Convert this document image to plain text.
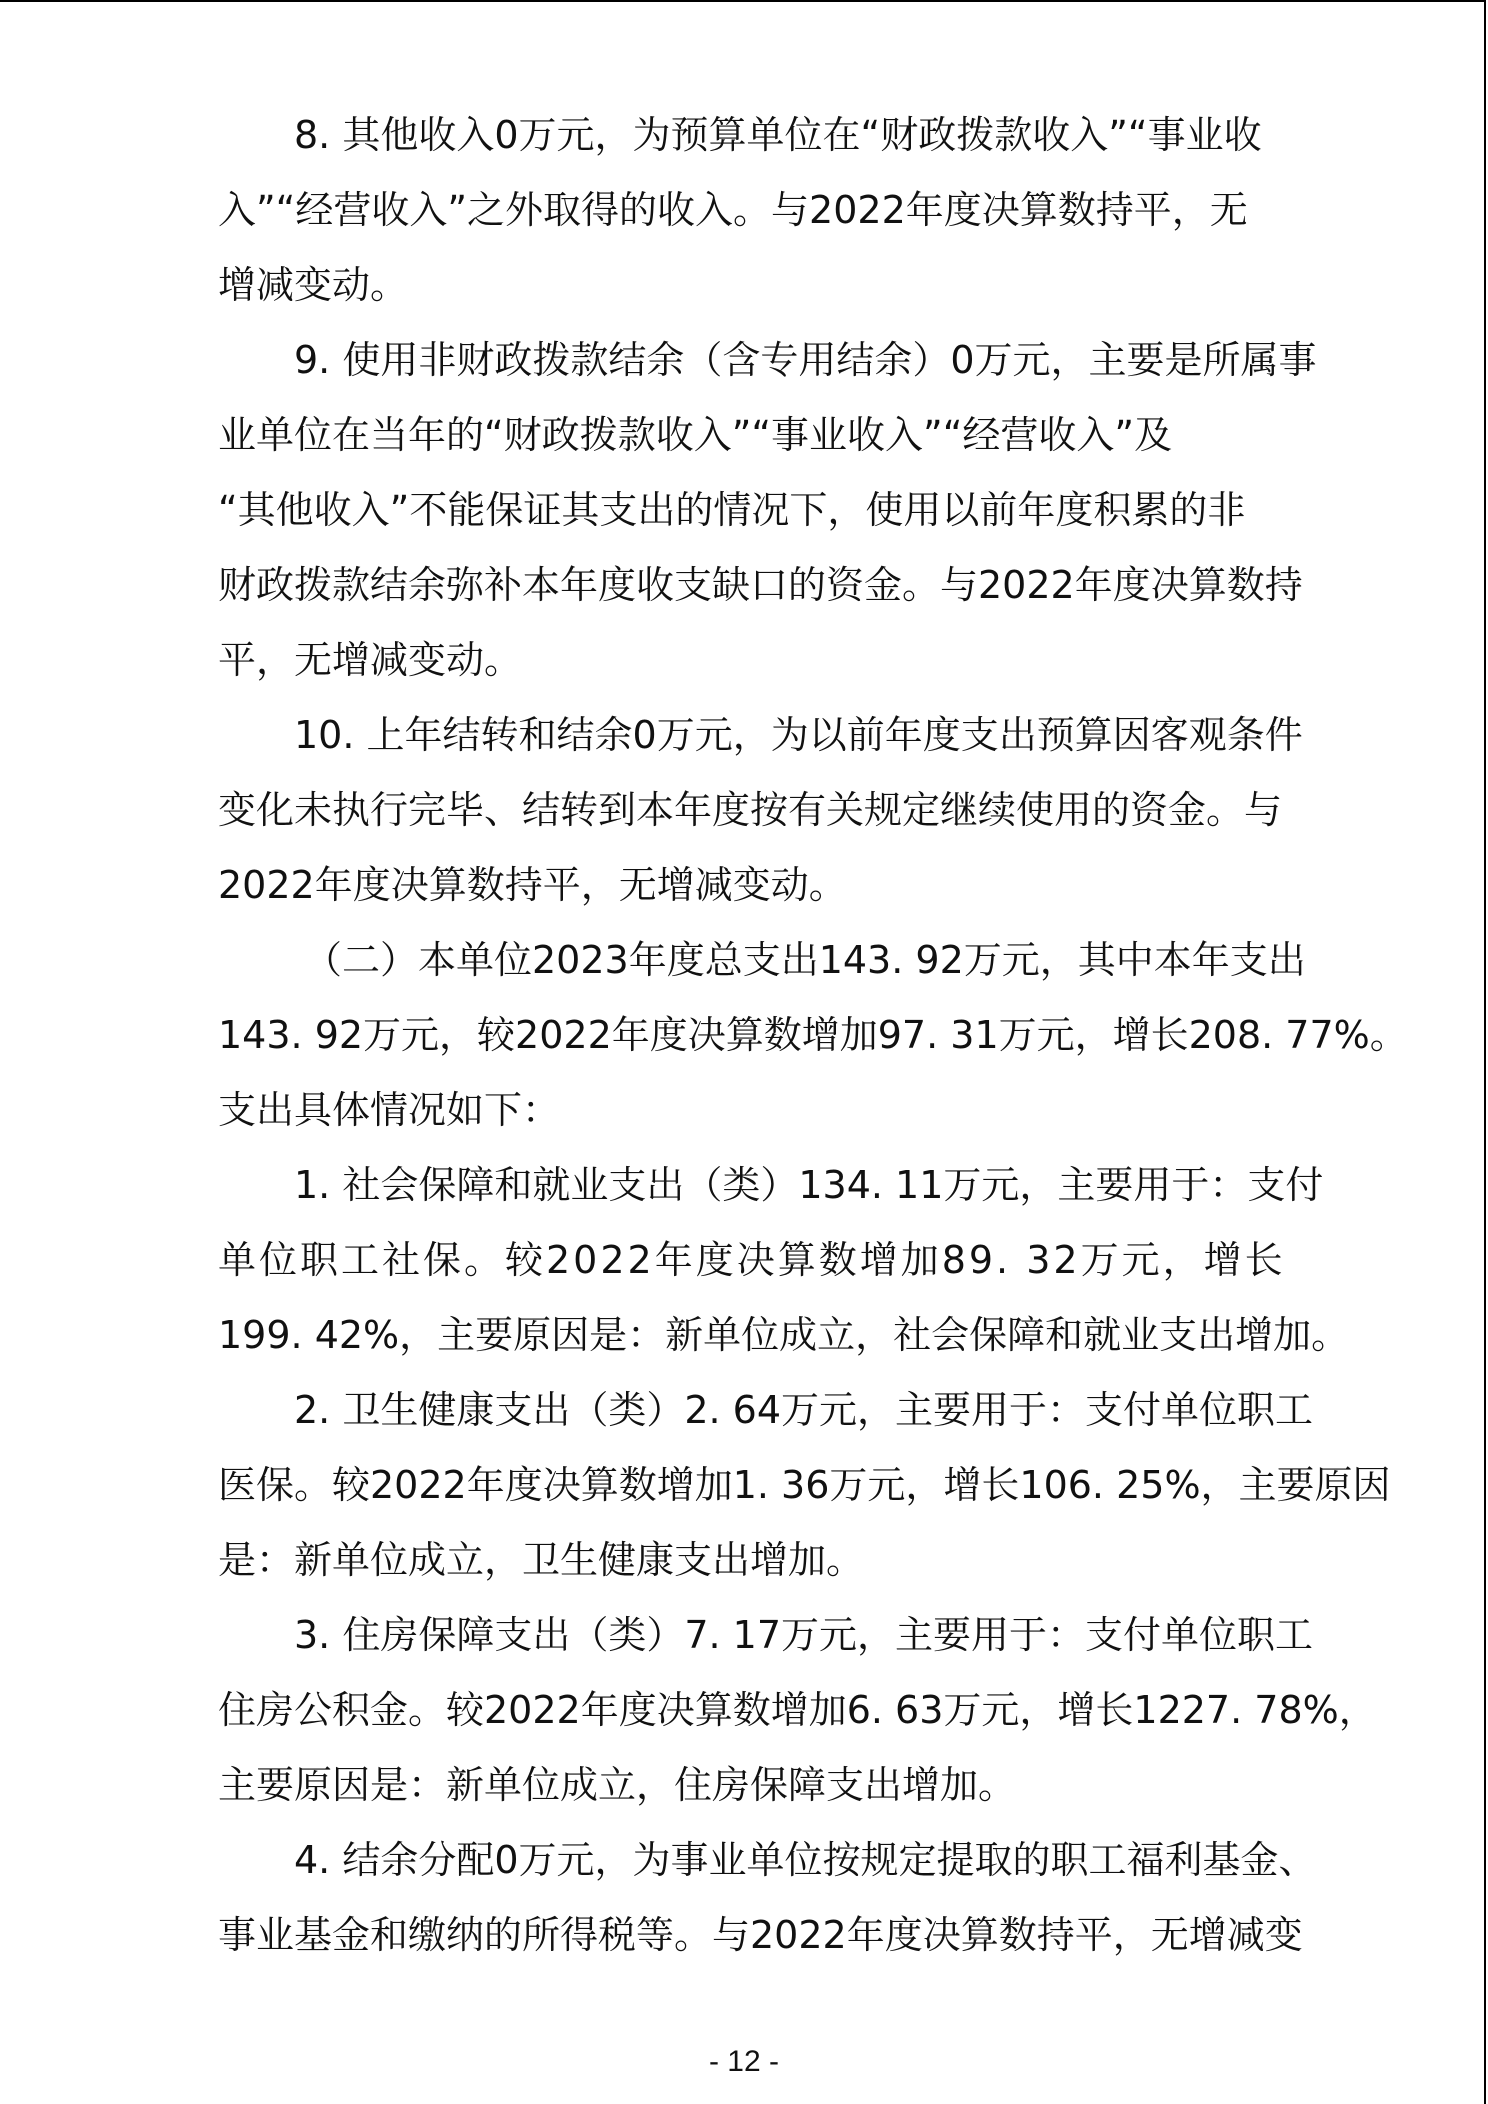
8. 其他收入0万元，为预算单位在“财政拨款收入”“事业收
入”“经营收入”之外取得的收入。与2022年度决算数持平，无
增减变动。
9. 使用非财政拨款结余（含专用结余）0万元，主要是所属事
业单位在当年的“财政拨款收入”“事业收入”“经营收入”及
“其他收入”不能保证其支出的情况下，使用以前年度积累的非
财政拨款结余弥补本年度收支缺口的资金。与2022年度决算数持
平，无增减变动。
10. 上年结转和结余0万元，为以前年度支出预算因客观条件
变化未执行完毕、结转到本年度按有关规定继续使用的资金。与
2022年度决算数持平，无增减变动。
（二）本单位2023年度总支出143. 92万元，其中本年支出
143. 92万元，较2022年度决算数增加97. 31万元，增长208. 77%。
支出具体情况如下：
1. 社会保障和就业支出（类）134. 11万元，主要用于：支付
单位职工社保。较2022年度决算数增加89. 32万元，增长
199. 42%，主要原因是：新单位成立，社会保障和就业支出增加。
2. 卫生健康支出（类）2. 64万元，主要用于：支付单位职工
医保。较2022年度决算数增加1. 36万元，增长106. 25%，主要原因
是：新单位成立，卫生健康支出增加。
3. 住房保障支出（类）7. 17万元，主要用于：支付单位职工
住房公积金。较2022年度决算数增加6. 63万元，增长1227. 78%，
主要原因是：新单位成立，住房保障支出增加。
4. 结余分配0万元，为事业单位按规定提取的职工福利基金、
事业基金和缴纳的所得税等。与2022年度决算数持平，无增减变
- 12 -
